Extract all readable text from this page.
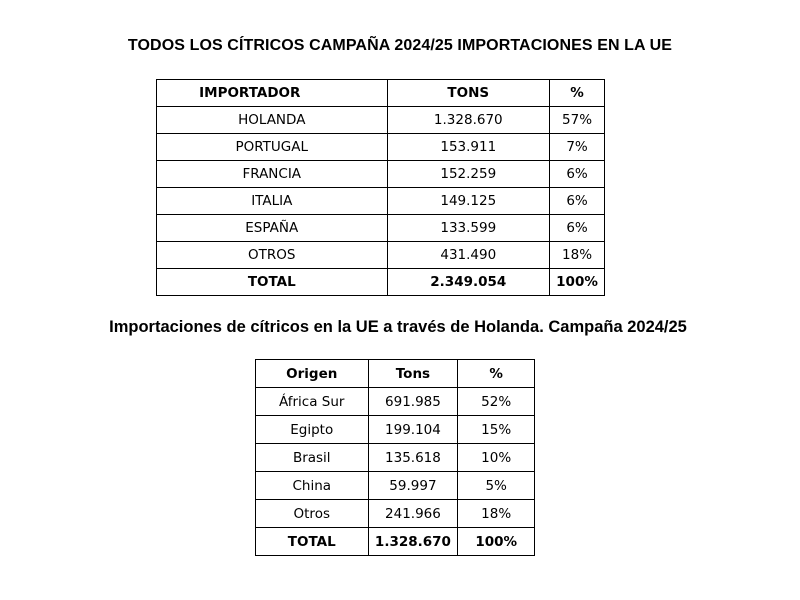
TODOS LOS CÍTRICOS CAMPAÑA 2024/25 IMPORTACIONES EN LA UE
IMPORTADOR	TONS	%
HOLANDA	1.328.670	57%
PORTUGAL	153.911	7%
FRANCIA	152.259	6%
ITALIA	149.125	6%
ESPAÑA	133.599	6%
OTROS	431.490	18%
TOTAL	2.349.054	100%
Importaciones de cítricos en la UE a través de Holanda. Campaña 2024/25
Origen	Tons	%
África Sur	691.985	52%
Egipto	199.104	15%
Brasil	135.618	10%
China	59.997	5%
Otros	241.966	18%
TOTAL	1.328.670	100%
